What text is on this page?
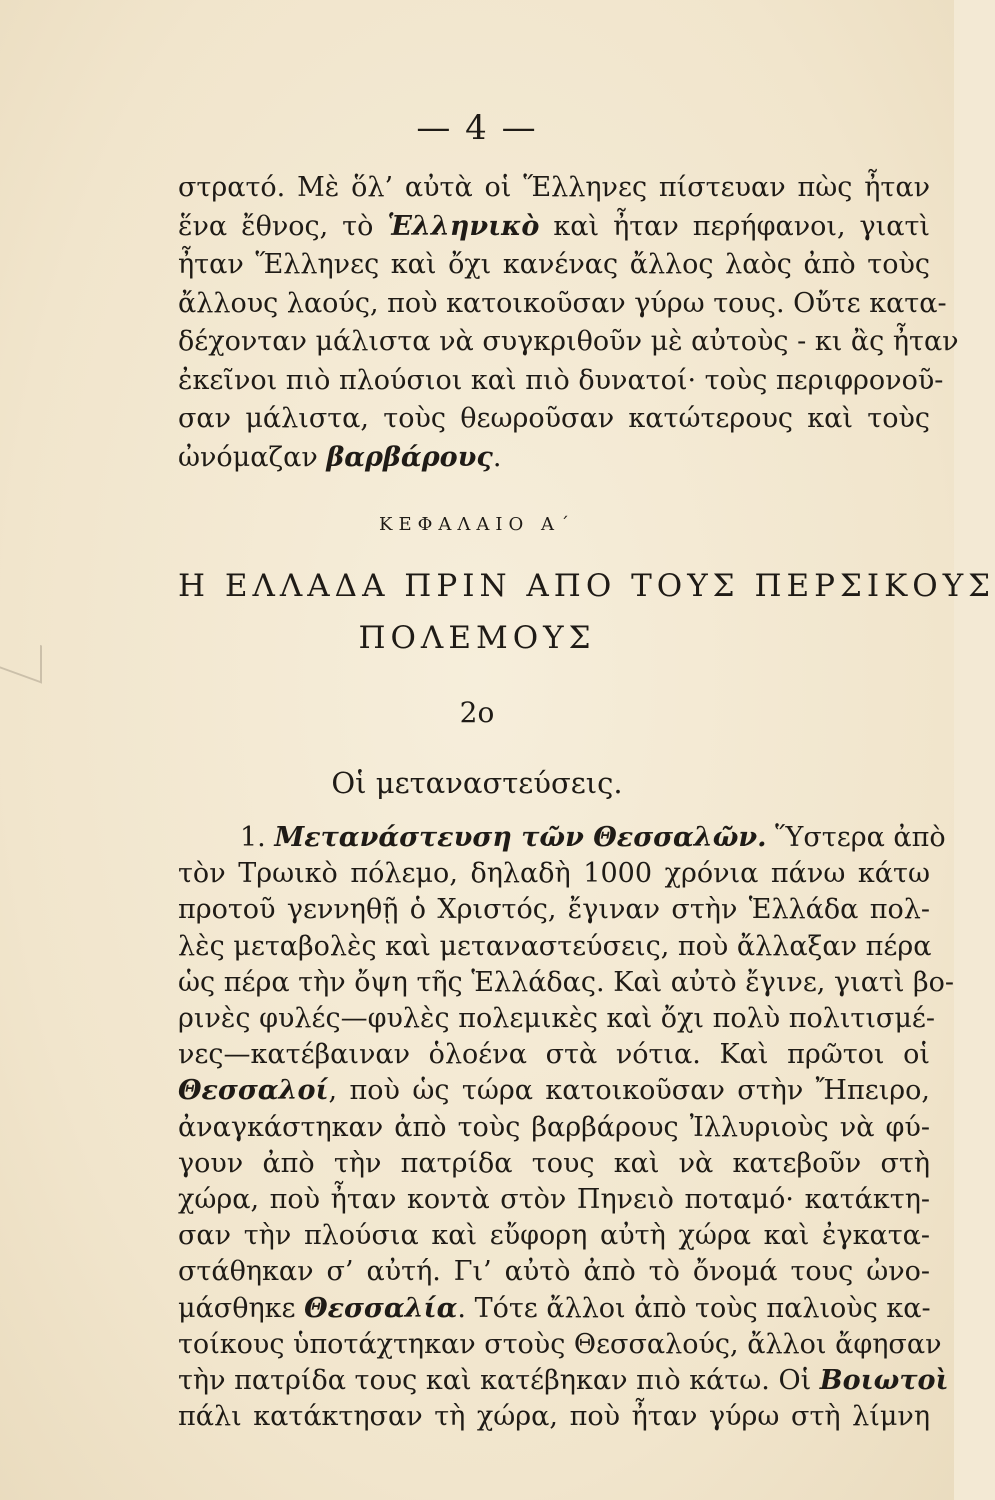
— 4 —
στρατό. Μὲ ὅλ’ αὐτὰ οἱ Ἕλληνες πίστευαν πὼς ἦταν
ἕνα ἔθνος, τὸ Ἑλληνικὸ καὶ ἦταν περήφανοι, γιατὶ
ἦταν Ἕλληνες καὶ ὄχι κανένας ἄλλος λαὸς ἀπὸ τοὺς
ἄλλους λαούς, ποὺ κατοικοῦσαν γύρω τους. Οὔτε κατα-
δέχονταν μάλιστα νὰ συγκριθοῦν μὲ αὐτοὺς - κι ἂς ἦταν
ἐκεῖνοι πιὸ πλούσιοι καὶ πιὸ δυνατοί· τοὺς περιφρονοῦ-
σαν μάλιστα, τοὺς θεωροῦσαν κατώτερους καὶ τοὺς
ὠνόμαζαν βαρβάρους.
ΚΕΦΑΛΑΙΟ Α΄
Η ΕΛΛΑΔΑ ΠΡΙΝ ΑΠΟ ΤΟΥΣ ΠΕΡΣΙΚΟΥΣ
ΠΟΛΕΜΟΥΣ
2ο
Οἱ μεταναστεύσεις.
1. Μετανάστευση τῶν Θεσσαλῶν. Ὕστερα ἀπὸ
τὸν Τρωικὸ πόλεμο, δηλαδὴ 1000 χρόνια πάνω κάτω
προτοῦ γεννηθῇ ὁ Χριστός, ἔγιναν στὴν Ἑλλάδα πολ-
λὲς μεταβολὲς καὶ μεταναστεύσεις, ποὺ ἄλλαξαν πέρα
ὡς πέρα τὴν ὄψη τῆς Ἑλλάδας. Καὶ αὐτὸ ἔγινε, γιατὶ βο-
ρινὲς φυλές—φυλὲς πολεμικὲς καὶ ὄχι πολὺ πολιτισμέ-
νες—κατέβαιναν ὁλοένα στὰ νότια. Καὶ πρῶτοι οἱ
Θεσσαλοί, ποὺ ὡς τώρα κατοικοῦσαν στὴν Ἤπειρο,
ἀναγκάστηκαν ἀπὸ τοὺς βαρβάρους Ἰλλυριοὺς νὰ φύ-
γουν ἀπὸ τὴν πατρίδα τους καὶ νὰ κατεβοῦν στὴ
χώρα, ποὺ ἦταν κοντὰ στὸν Πηνειὸ ποταμό· κατάκτη-
σαν τὴν πλούσια καὶ εὔφορη αὐτὴ χώρα καὶ ἐγκατα-
στάθηκαν σ’ αὐτή. Γι’ αὐτὸ ἀπὸ τὸ ὄνομά τους ὠνο-
μάσθηκε Θεσσαλία. Τότε ἄλλοι ἀπὸ τοὺς παλιοὺς κα-
τοίκους ὑποτάχτηκαν στοὺς Θεσσαλούς, ἄλλοι ἄφησαν
τὴν πατρίδα τους καὶ κατέβηκαν πιὸ κάτω. Οἱ Βοιωτοὶ
πάλι κατάκτησαν τὴ χώρα, ποὺ ἦταν γύρω στὴ λίμνη
